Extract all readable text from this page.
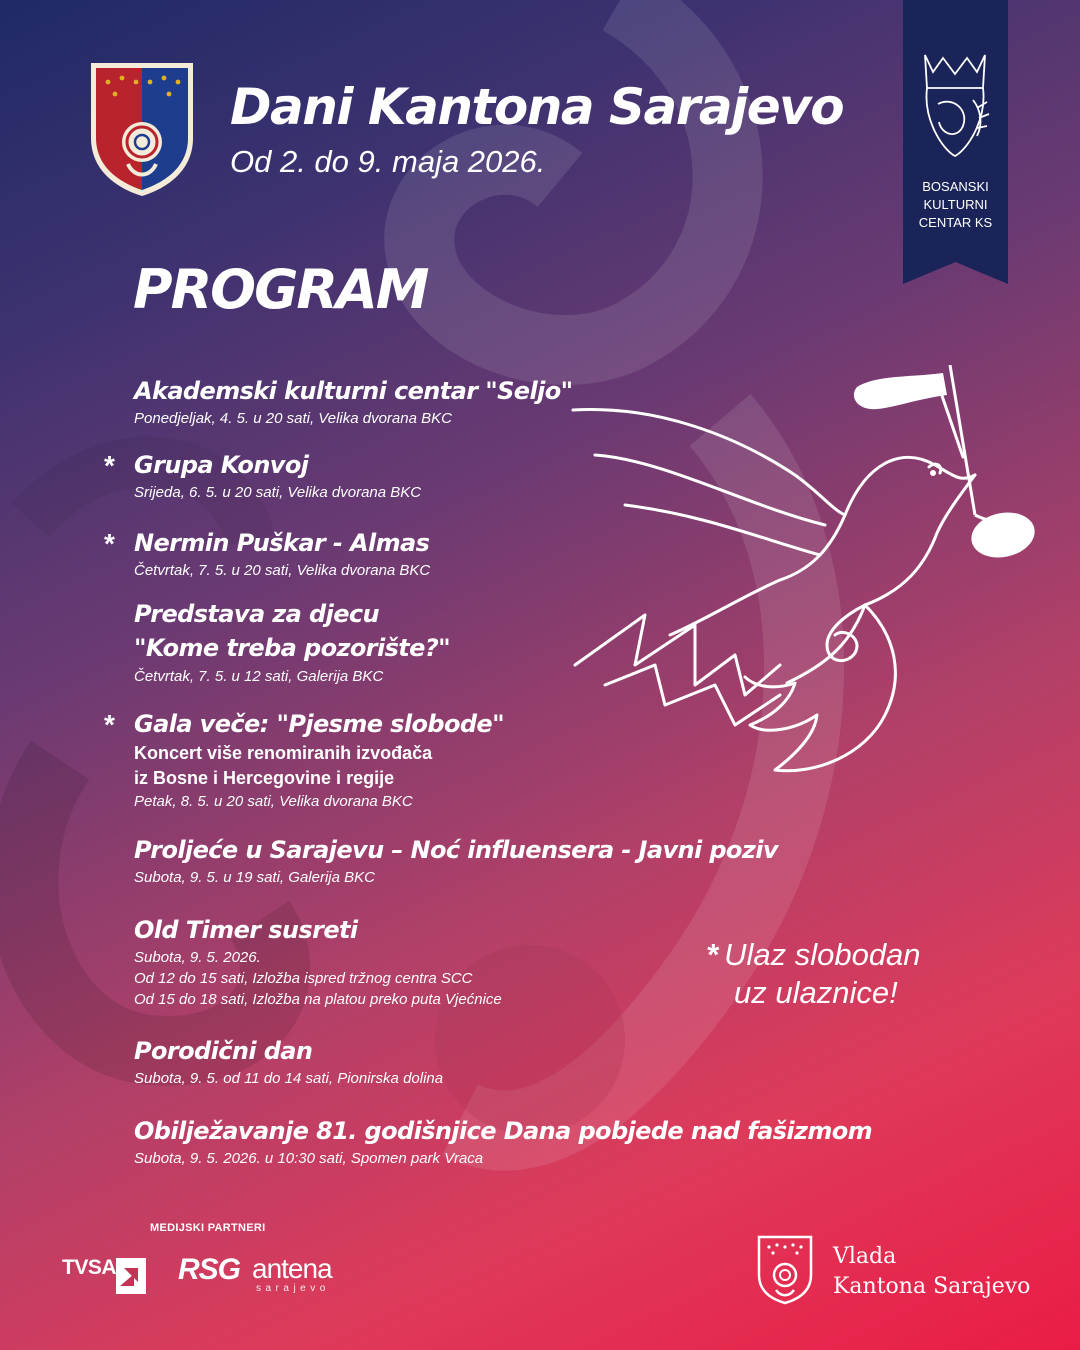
Dani Kantona Sarajevo

Od 2. do 9. maja 2026.

BOSANSKI
KULTURNI
CENTAR KS
PROGRAM
Akademski kulturni centar "Seljo"
Ponedjeljak, 4. 5. u 20 sati, Velika dvorana BKC
* Grupa Konvoj
Srijeda, 6. 5. u 20 sati, Velika dvorana BKC
* Nermin Puškar - Almas
Četvrtak, 7. 5. u 20 sati, Velika dvorana BKC
Predstava za djecu
"Kome treba pozorište?"
Četvrtak, 7. 5. u 12 sati, Galerija BKC
* Gala veče: "Pjesme slobode"
Koncert više renomiranih izvođača
iz Bosne i Hercegovine i regije
Petak, 8. 5. u 20 sati, Velika dvorana BKC
Proljeće u Sarajevu – Noć influensera - Javni poziv
Subota, 9. 5. u 19 sati, Galerija BKC
Old Timer susreti
Subota, 9. 5. 2026.
Od 12 do 15 sati, Izložba ispred tržnog centra SCC
Od 15 do 18 sati, Izložba na platou preko puta Vjećnice
Porodični dan
Subota, 9. 5. od 11 do 14 sati, Pionirska dolina
Obilježavanje 81. godišnjice Dana pobjede nad fašizmom
Subota, 9. 5. 2026. u 10:30 sati, Spomen park Vraca
* Ulaz slobodan
uz ulaznice!
MEDIJSKI PARTNERI
TVSA RSG antena
sarajevo
Vlada
Kantona Sarajevo
